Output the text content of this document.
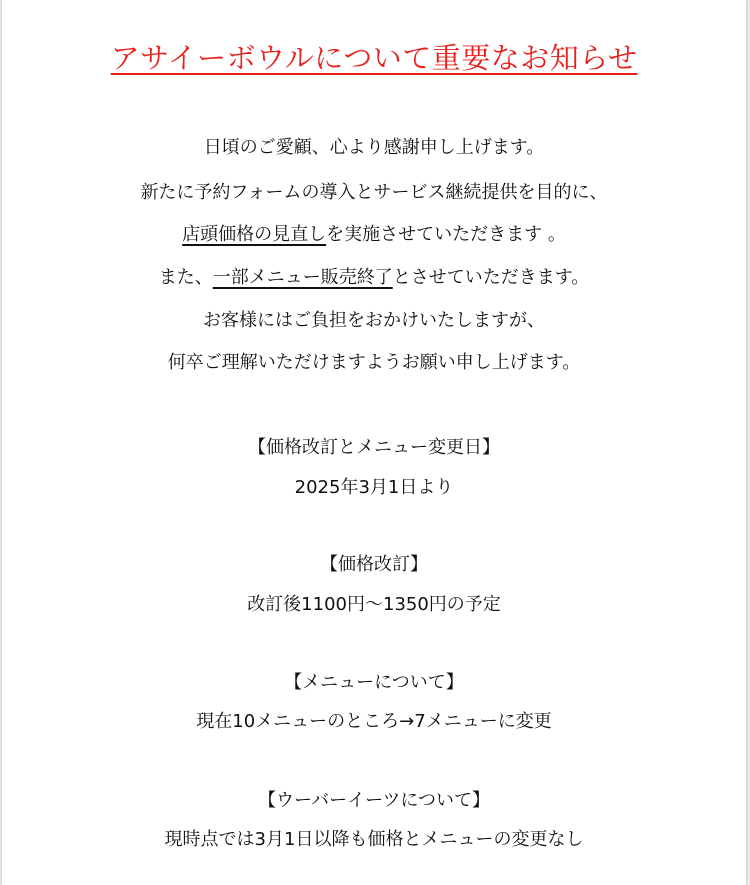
アサイーボウルについて重要なお知らせ
日頃のご愛顧、心より感謝申し上げます。
新たに予約フォームの導入とサービス継続提供を目的に、
店頭価格の見直しを実施させていただきます 。
また、一部メニュー販売終了とさせていただきます。
お客様にはご負担をおかけいたしますが、
何卒ご理解いただけますようお願い申し上げます。
【価格改訂とメニュー変更日】
2025年3月1日より
【価格改訂】
改訂後1100円～1350円の予定
【メニューについて】
現在10メニューのところ→7メニューに変更
【ウーバーイーツについて】
現時点では3月1日以降も価格とメニューの変更なし
